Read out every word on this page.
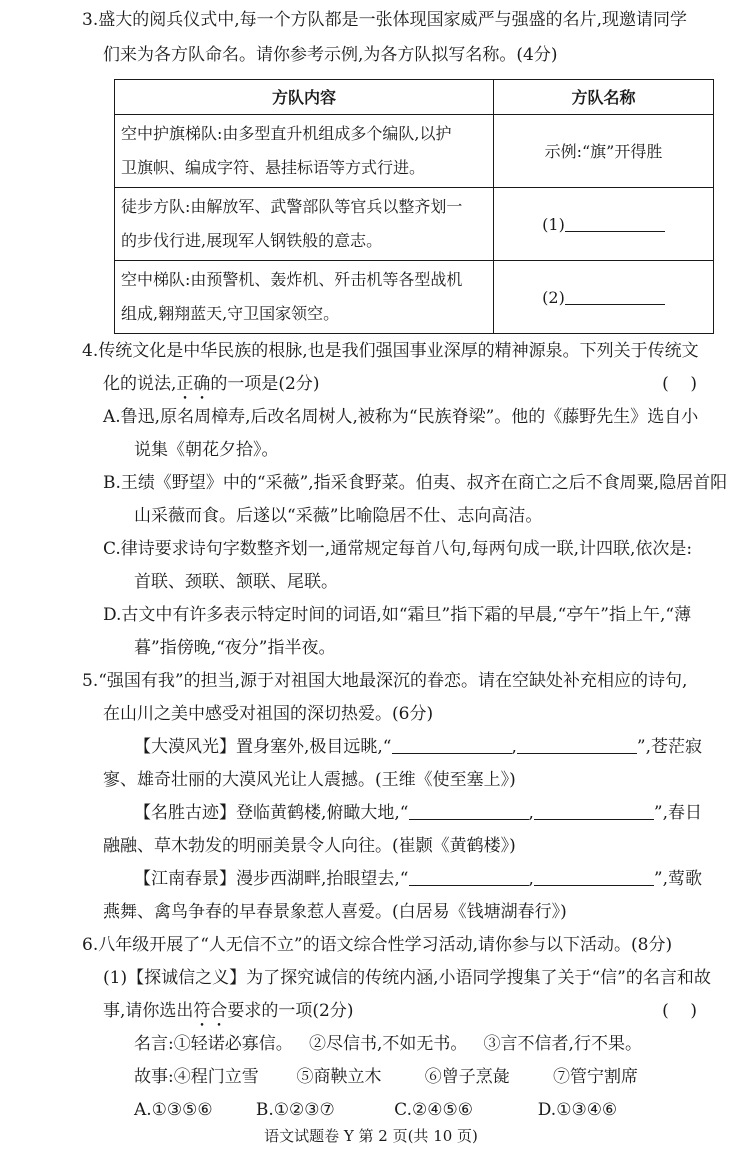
3.盛大的阅兵仪式中,每一个方队都是一张体现国家威严与强盛的名片,现邀请同学
们来为各方队命名。请你参考示例,为各方队拟写名称。(4分)
方队内容	方队名称

空中护旗梯队:由多型直升机组成多个编队,以护
卫旗帜、编成字符、悬挂标语等方式行进。	示例:“旗”开得胜

徒步方队:由解放军、武警部队等官兵以整齐划一
的步伐行进,展现军人钢铁般的意志。	(1)

空中梯队:由预警机、轰炸机、歼击机等各型战机
组成,翱翔蓝天,守卫国家领空。	(2)
4.传统文化是中华民族的根脉,也是我们强国事业深厚的精神源泉。下列关于传统文
化的说法,正确的一项是(2分)	(    )
A.鲁迅,原名周樟寿,后改名周树人,被称为“民族脊梁”。他的《藤野先生》选自小
说集《朝花夕拾》。
B.王绩《野望》中的“采薇”,指采食野菜。伯夷、叔齐在商亡之后不食周粟,隐居首阳
山采薇而食。后遂以“采薇”比喻隐居不仕、志向高洁。
C.律诗要求诗句字数整齐划一,通常规定每首八句,每两句成一联,计四联,依次是:
首联、颈联、颔联、尾联。
D.古文中有许多表示特定时间的词语,如“霜旦”指下霜的早晨,“亭午”指上午,“薄
暮”指傍晚,“夜分”指半夜。
5.“强国有我”的担当,源于对祖国大地最深沉的眷恋。请在空缺处补充相应的诗句,
在山川之美中感受对祖国的深切热爱。(6分)
【大漠风光】置身塞外,极目远眺,“	,	”,苍茫寂
寥、雄奇壮丽的大漠风光让人震撼。(王维《使至塞上》)
【名胜古迹】登临黄鹤楼,俯瞰大地,“	,	”,春日
融融、草木勃发的明丽美景令人向往。(崔颢《黄鹤楼》)
【江南春景】漫步西湖畔,抬眼望去,“	,	”,莺歌
燕舞、禽鸟争春的早春景象惹人喜爱。(白居易《钱塘湖春行》)
6.八年级开展了“人无信不立”的语文综合性学习活动,请你参与以下活动。(8分)
(1)【探诚信之义】为了探究诚信的传统内涵,小语同学搜集了关于“信”的名言和故
事,请你选出符合要求的一项(2分)	(    )
名言:①轻诺必寡信。   ②尽信书,不如无书。   ③言不信者,行不果。
故事:④程门立雪       ⑤商鞅立木        ⑥曾子烹彘        ⑦管宁割席
A.①③⑤⑥        B.①②③⑦           C.②④⑤⑥            D.①③④⑥
语文试题卷 Y 第 2 页(共 10 页)
